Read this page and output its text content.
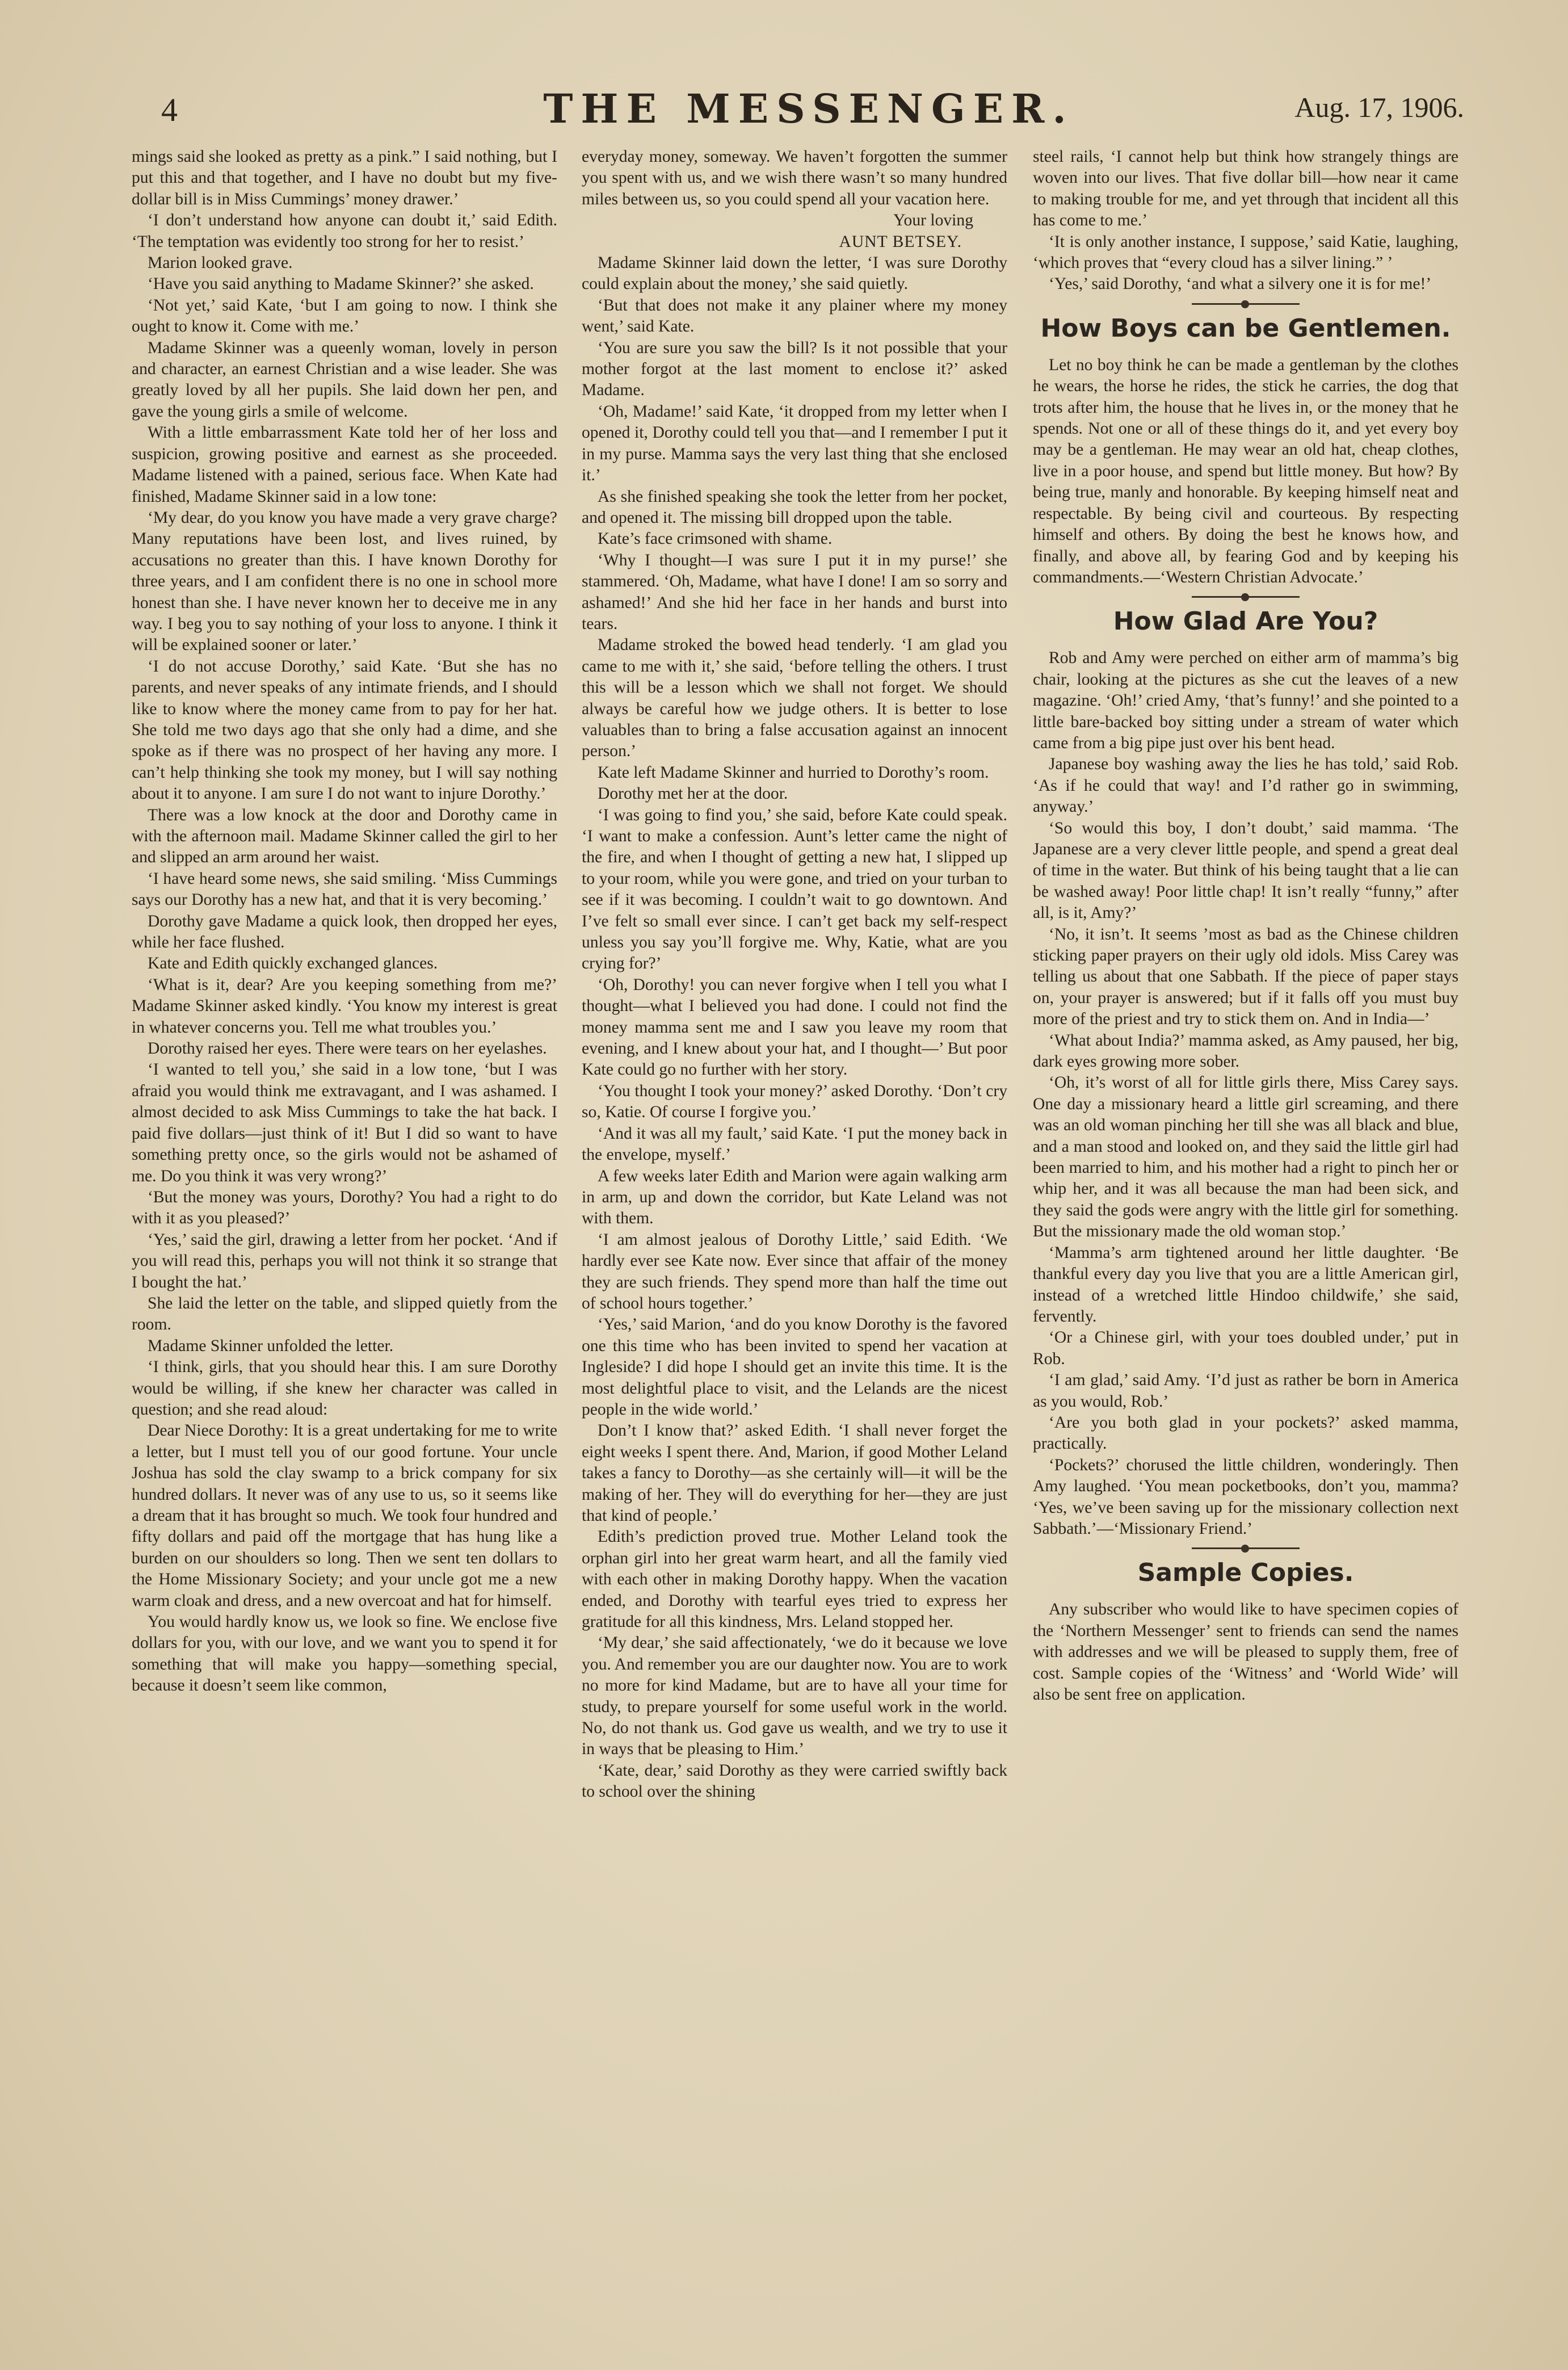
4	THE MESSENGER.	Aug. 17, 1906.

mings said she looked as pretty as a pink.” I said nothing, but I put this and that together, and I have no doubt but my five-dollar bill is in Miss Cummings’ money drawer.’

‘I don’t understand how anyone can doubt it,’ said Edith. ‘The temptation was evidently too strong for her to resist.’

Marion looked grave.

‘Have you said anything to Madame Skinner?’ she asked.

‘Not yet,’ said Kate, ‘but I am going to now. I think she ought to know it. Come with me.’

Madame Skinner was a queenly woman, lovely in person and character, an earnest Christian and a wise leader. She was greatly loved by all her pupils. She laid down her pen, and gave the young girls a smile of welcome.

With a little embarrassment Kate told her of her loss and suspicion, growing positive and earnest as she proceeded. Madame listened with a pained, serious face. When Kate had finished, Madame Skinner said in a low tone:

‘My dear, do you know you have made a very grave charge? Many reputations have been lost, and lives ruined, by accusations no greater than this. I have known Dorothy for three years, and I am confident there is no one in school more honest than she. I have never known her to deceive me in any way. I beg you to say nothing of your loss to anyone. I think it will be explained sooner or later.’

‘I do not accuse Dorothy,’ said Kate. ‘But she has no parents, and never speaks of any intimate friends, and I should like to know where the money came from to pay for her hat. She told me two days ago that she only had a dime, and she spoke as if there was no prospect of her having any more. I can’t help thinking she took my money, but I will say nothing about it to anyone. I am sure I do not want to injure Dorothy.’

There was a low knock at the door and Dorothy came in with the afternoon mail. Madame Skinner called the girl to her and slipped an arm around her waist.

‘I have heard some news, she said smiling. ‘Miss Cummings says our Dorothy has a new hat, and that it is very becoming.’

Dorothy gave Madame a quick look, then dropped her eyes, while her face flushed.

Kate and Edith quickly exchanged glances.

‘What is it, dear? Are you keeping something from me?’ Madame Skinner asked kindly. ‘You know my interest is great in whatever concerns you. Tell me what troubles you.’

Dorothy raised her eyes. There were tears on her eyelashes.

‘I wanted to tell you,’ she said in a low tone, ‘but I was afraid you would think me extravagant, and I was ashamed. I almost decided to ask Miss Cummings to take the hat back. I paid five dollars—just think of it! But I did so want to have something pretty once, so the girls would not be ashamed of me. Do you think it was very wrong?’

‘But the money was yours, Dorothy? You had a right to do with it as you pleased?’

‘Yes,’ said the girl, drawing a letter from her pocket. ‘And if you will read this, perhaps you will not think it so strange that I bought the hat.’

She laid the letter on the table, and slipped quietly from the room.

Madame Skinner unfolded the letter.

‘I think, girls, that you should hear this. I am sure Dorothy would be willing, if she knew her character was called in question; and she read aloud:

Dear Niece Dorothy: It is a great undertaking for me to write a letter, but I must tell you of our good fortune. Your uncle Joshua has sold the clay swamp to a brick company for six hundred dollars. It never was of any use to us, so it seems like a dream that it has brought so much. We took four hundred and fifty dollars and paid off the mortgage that has hung like a burden on our shoulders so long. Then we sent ten dollars to the Home Missionary Society; and your uncle got me a new warm cloak and dress, and a new overcoat and hat for himself.

You would hardly know us, we look so fine. We enclose five dollars for you, with our love, and we want you to spend it for something that will make you happy—something special, because it doesn’t seem like common,

everyday money, someway. We haven’t forgotten the summer you spent with us, and we wish there wasn’t so many hundred miles between us, so you could spend all your vacation here.

Your loving

AUNT BETSEY.

Madame Skinner laid down the letter, ‘I was sure Dorothy could explain about the money,’ she said quietly.

‘But that does not make it any plainer where my money went,’ said Kate.

‘You are sure you saw the bill? Is it not possible that your mother forgot at the last moment to enclose it?’ asked Madame.

‘Oh, Madame!’ said Kate, ‘it dropped from my letter when I opened it, Dorothy could tell you that—and I remember I put it in my purse. Mamma says the very last thing that she enclosed it.’

As she finished speaking she took the letter from her pocket, and opened it. The missing bill dropped upon the table.

Kate’s face crimsoned with shame.

‘Why I thought—I was sure I put it in my purse!’ she stammered. ‘Oh, Madame, what have I done! I am so sorry and ashamed!’ And she hid her face in her hands and burst into tears.

Madame stroked the bowed head tenderly. ‘I am glad you came to me with it,’ she said, ‘before telling the others. I trust this will be a lesson which we shall not forget. We should always be careful how we judge others. It is better to lose valuables than to bring a false accusation against an innocent person.’

Kate left Madame Skinner and hurried to Dorothy’s room.

Dorothy met her at the door.

‘I was going to find you,’ she said, before Kate could speak. ‘I want to make a confession. Aunt’s letter came the night of the fire, and when I thought of getting a new hat, I slipped up to your room, while you were gone, and tried on your turban to see if it was becoming. I couldn’t wait to go downtown. And I’ve felt so small ever since. I can’t get back my self-respect unless you say you’ll forgive me. Why, Katie, what are you crying for?’

‘Oh, Dorothy! you can never forgive when I tell you what I thought—what I believed you had done. I could not find the money mamma sent me and I saw you leave my room that evening, and I knew about your hat, and I thought—’ But poor Kate could go no further with her story.

‘You thought I took your money?’ asked Dorothy. ‘Don’t cry so, Katie. Of course I forgive you.’

‘And it was all my fault,’ said Kate. ‘I put the money back in the envelope, myself.’

A few weeks later Edith and Marion were again walking arm in arm, up and down the corridor, but Kate Leland was not with them.

‘I am almost jealous of Dorothy Little,’ said Edith. ‘We hardly ever see Kate now. Ever since that affair of the money they are such friends. They spend more than half the time out of school hours together.’

‘Yes,’ said Marion, ‘and do you know Dorothy is the favored one this time who has been invited to spend her vacation at Ingleside? I did hope I should get an invite this time. It is the most delightful place to visit, and the Lelands are the nicest people in the wide world.’

Don’t I know that?’ asked Edith. ‘I shall never forget the eight weeks I spent there. And, Marion, if good Mother Leland takes a fancy to Dorothy—as she certainly will—it will be the making of her. They will do everything for her—they are just that kind of people.’

Edith’s prediction proved true. Mother Leland took the orphan girl into her great warm heart, and all the family vied with each other in making Dorothy happy. When the vacation ended, and Dorothy with tearful eyes tried to express her gratitude for all this kindness, Mrs. Leland stopped her.

‘My dear,’ she said affectionately, ‘we do it because we love you. And remember you are our daughter now. You are to work no more for kind Madame, but are to have all your time for study, to prepare yourself for some useful work in the world. No, do not thank us. God gave us wealth, and we try to use it in ways that be pleasing to Him.’

‘Kate, dear,’ said Dorothy as they were carried swiftly back to school over the shining

steel rails, ‘I cannot help but think how strangely things are woven into our lives. That five dollar bill—how near it came to making trouble for me, and yet through that incident all this has come to me.’

‘It is only another instance, I suppose,’ said Katie, laughing, ‘which proves that “every cloud has a silver lining.” ’

‘Yes,’ said Dorothy, ‘and what a silvery one it is for me!’

How Boys can be Gentlemen.

Let no boy think he can be made a gentleman by the clothes he wears, the horse he rides, the stick he carries, the dog that trots after him, the house that he lives in, or the money that he spends. Not one or all of these things do it, and yet every boy may be a gentleman. He may wear an old hat, cheap clothes, live in a poor house, and spend but little money. But how? By being true, manly and honorable. By keeping himself neat and respectable. By being civil and courteous. By respecting himself and others. By doing the best he knows how, and finally, and above all, by fearing God and by keeping his commandments.—‘Western Christian Advocate.’

How Glad Are You?

Rob and Amy were perched on either arm of mamma’s big chair, looking at the pictures as she cut the leaves of a new magazine. ‘Oh!’ cried Amy, ‘that’s funny!’ and she pointed to a little bare-backed boy sitting under a stream of water which came from a big pipe just over his bent head.

Japanese boy washing away the lies he has told,’ said Rob. ‘As if he could that way! and I’d rather go in swimming, anyway.’

‘So would this boy, I don’t doubt,’ said mamma. ‘The Japanese are a very clever little people, and spend a great deal of time in the water. But think of his being taught that a lie can be washed away! Poor little chap! It isn’t really “funny,” after all, is it, Amy?’

‘No, it isn’t. It seems ’most as bad as the Chinese children sticking paper prayers on their ugly old idols. Miss Carey was telling us about that one Sabbath. If the piece of paper stays on, your prayer is answered; but if it falls off you must buy more of the priest and try to stick them on. And in India—’

‘What about India?’ mamma asked, as Amy paused, her big, dark eyes growing more sober.

‘Oh, it’s worst of all for little girls there, Miss Carey says. One day a missionary heard a little girl screaming, and there was an old woman pinching her till she was all black and blue, and a man stood and looked on, and they said the little girl had been married to him, and his mother had a right to pinch her or whip her, and it was all because the man had been sick, and they said the gods were angry with the little girl for something. But the missionary made the old woman stop.’

‘Mamma’s arm tightened around her little daughter. ‘Be thankful every day you live that you are a little American girl, instead of a wretched little Hindoo childwife,’ she said, fervently.

‘Or a Chinese girl, with your toes doubled under,’ put in Rob.

‘I am glad,’ said Amy. ‘I’d just as rather be born in America as you would, Rob.’

‘Are you both glad in your pockets?’ asked mamma, practically.

‘Pockets?’ chorused the little children, wonderingly. Then Amy laughed. ‘You mean pocketbooks, don’t you, mamma? ‘Yes, we’ve been saving up for the missionary collection next Sabbath.’—‘Missionary Friend.’

Sample Copies.

Any subscriber who would like to have specimen copies of the ‘Northern Messenger’ sent to friends can send the names with addresses and we will be pleased to supply them, free of cost. Sample copies of the ‘Witness’ and ‘World Wide’ will also be sent free on application.
